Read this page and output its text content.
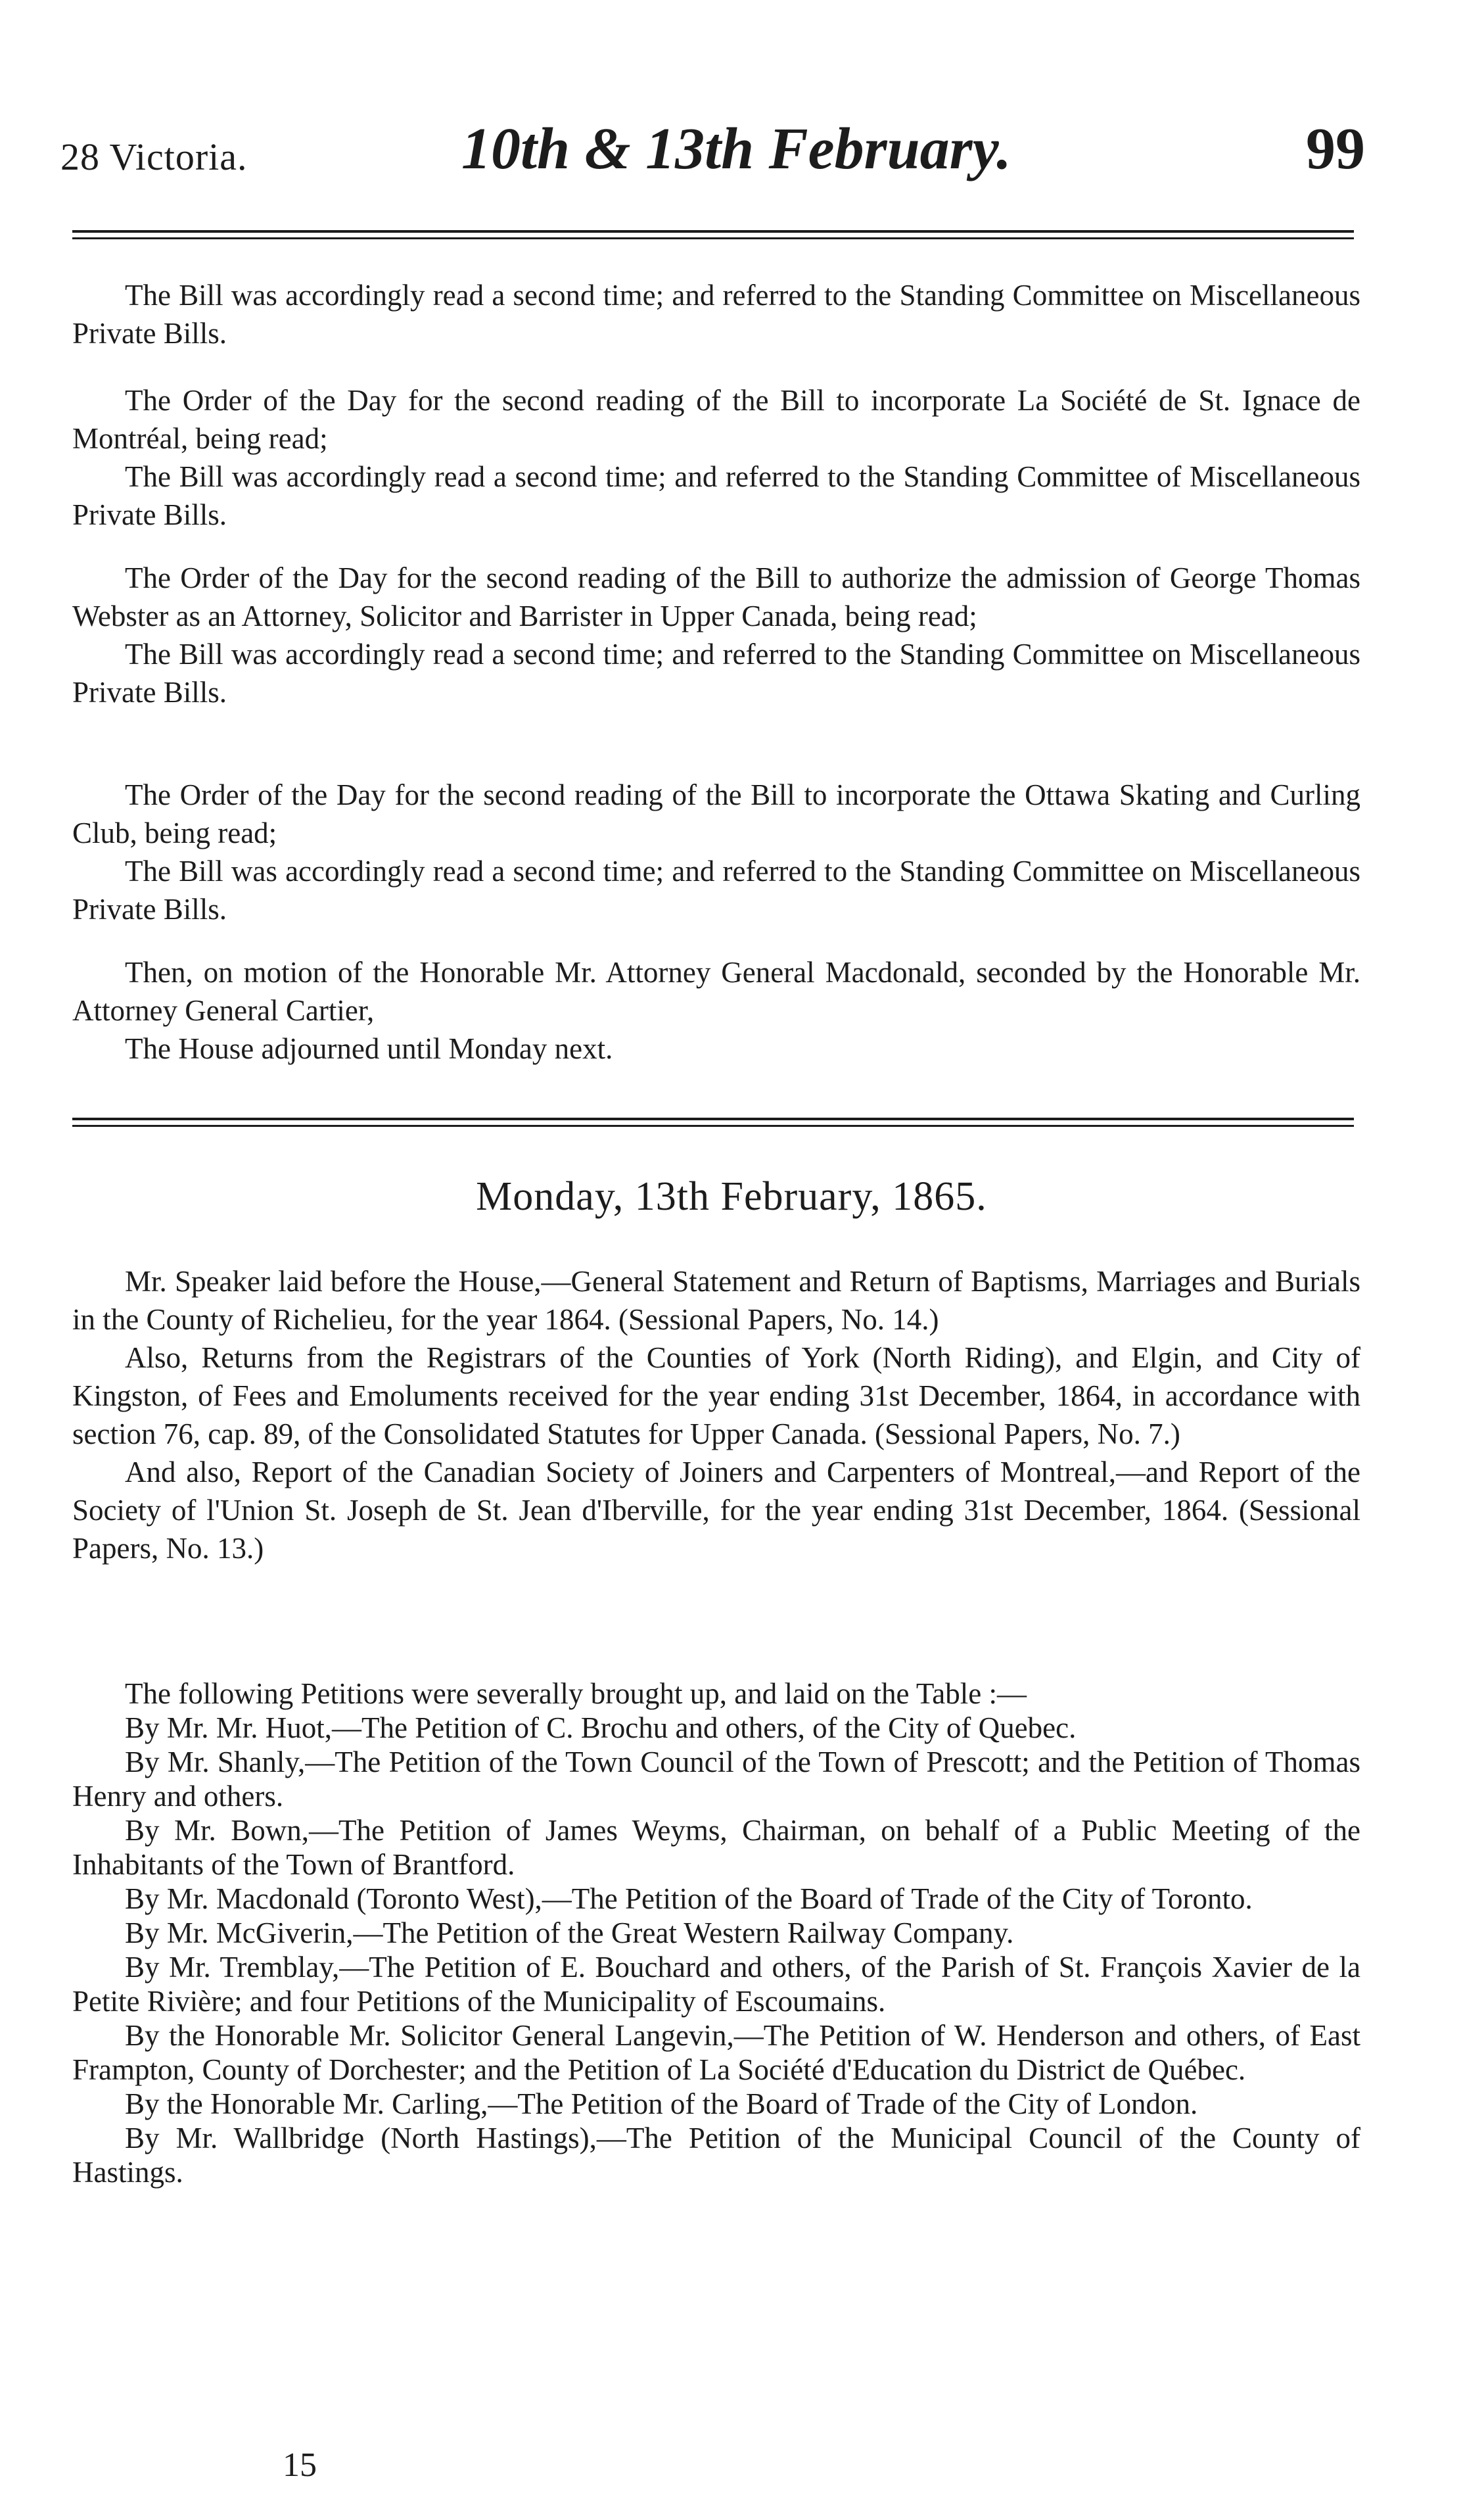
28 Victoria.	10th & 13th February.	99

The Bill was accordingly read a second time; and referred to the Standing Committee on Miscellaneous Private Bills.

The Order of the Day for the second reading of the Bill to incorporate La Société de St. Ignace de Montréal, being read;

The Bill was accordingly read a second time; and referred to the Standing Committee of Miscellaneous Private Bills.

The Order of the Day for the second reading of the Bill to authorize the admission of George Thomas Webster as an Attorney, Solicitor and Barrister in Upper Canada, being read;

The Bill was accordingly read a second time; and referred to the Standing Committee on Miscellaneous Private Bills.

The Order of the Day for the second reading of the Bill to incorporate the Ottawa Skating and Curling Club, being read;

The Bill was accordingly read a second time; and referred to the Standing Committee on Miscellaneous Private Bills.

Then, on motion of the Honorable Mr. Attorney General Macdonald, seconded by the Honorable Mr. Attorney General Cartier,

The House adjourned until Monday next.

Monday, 13th February, 1865.

Mr. Speaker laid before the House,—General Statement and Return of Baptisms, Marriages and Burials in the County of Richelieu, for the year 1864. (Sessional Papers, No. 14.)

Also, Returns from the Registrars of the Counties of York (North Riding), and Elgin, and City of Kingston, of Fees and Emoluments received for the year ending 31st December, 1864, in accordance with section 76, cap. 89, of the Consolidated Statutes for Upper Canada. (Sessional Papers, No. 7.)

And also, Report of the Canadian Society of Joiners and Carpenters of Montreal,—and Report of the Society of l'Union St. Joseph de St. Jean d'Iberville, for the year ending 31st December, 1864. (Sessional Papers, No. 13.)

The following Petitions were severally brought up, and laid on the Table :—

By Mr. Mr. Huot,—The Petition of C. Brochu and others, of the City of Quebec.

By Mr. Shanly,—The Petition of the Town Council of the Town of Prescott; and the Petition of Thomas Henry and others.

By Mr. Bown,—The Petition of James Weyms, Chairman, on behalf of a Public Meeting of the Inhabitants of the Town of Brantford.

By Mr. Macdonald (Toronto West),—The Petition of the Board of Trade of the City of Toronto.

By Mr. McGiverin,—The Petition of the Great Western Railway Company.

By Mr. Tremblay,—The Petition of E. Bouchard and others, of the Parish of St. François Xavier de la Petite Rivière; and four Petitions of the Municipality of Escoumains.

By the Honorable Mr. Solicitor General Langevin,—The Petition of W. Henderson and others, of East Frampton, County of Dorchester; and the Petition of La Société d'Education du District de Québec.

By the Honorable Mr. Carling,—The Petition of the Board of Trade of the City of London.

By Mr. Wallbridge (North Hastings),—The Petition of the Municipal Council of the County of Hastings.

15
